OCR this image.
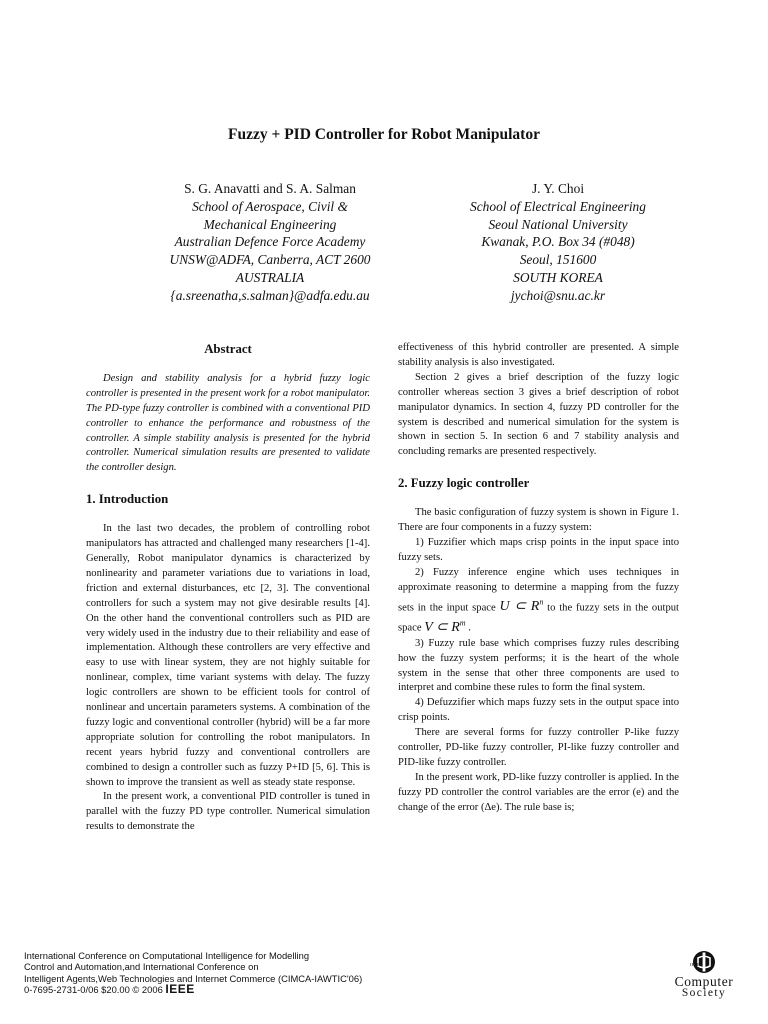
Fuzzy + PID Controller for Robot Manipulator
S. G. Anavatti and S. A. Salman
School of Aerospace, Civil &
Mechanical Engineering
Australian Defence Force Academy
UNSW@ADFA, Canberra, ACT 2600
AUSTRALIA
{a.sreenatha,s.salman}@adfa.edu.au
J. Y. Choi
School of Electrical Engineering
Seoul National University
Kwanak, P.O. Box 34 (#048)
Seoul, 151600
SOUTH KOREA
jychoi@snu.ac.kr
Abstract
Design and stability analysis for a hybrid fuzzy logic controller is presented in the present work for a robot manipulator. The PD-type fuzzy controller is combined with a conventional PID controller to enhance the performance and robustness of the controller. A simple stability analysis is presented for the hybrid controller. Numerical simulation results are presented to validate the controller design.
1. Introduction
In the last two decades, the problem of controlling robot manipulators has attracted and challenged many researchers [1-4]. Generally, Robot manipulator dynamics is characterized by nonlinearity and parameter variations due to variations in load, friction and external disturbances, etc [2, 3]. The conventional controllers for such a system may not give desirable results [4]. On the other hand the conventional controllers such as PID are very widely used in the industry due to their reliability and ease of implementation. Although these controllers are very effective and easy to use with linear system, they are not highly suitable for nonlinear, complex, time variant systems with delay. The fuzzy logic controllers are shown to be efficient tools for control of nonlinear and uncertain parameters systems. A combination of the fuzzy logic and conventional controller (hybrid) will be a far more appropriate solution for controlling the robot manipulators. In recent years hybrid fuzzy and conventional controllers are combined to design a controller such as fuzzy P+ID [5, 6]. This is shown to improve the transient as well as steady state response.
In the present work, a conventional PID controller is tuned in parallel with the fuzzy PD type controller. Numerical simulation results to demonstrate the
effectiveness of this hybrid controller are presented. A simple stability analysis is also investigated.
Section 2 gives a brief description of the fuzzy logic controller whereas section 3 gives a brief description of robot manipulator dynamics. In section 4, fuzzy PD controller for the system is described and numerical simulation for the system is shown in section 5. In section 6 and 7 stability analysis and concluding remarks are presented respectively.
2. Fuzzy logic controller
The basic configuration of fuzzy system is shown in Figure 1. There are four components in a fuzzy system:
1) Fuzzifier which maps crisp points in the input space into fuzzy sets.
2) Fuzzy inference engine which uses techniques in approximate reasoning to determine a mapping from the fuzzy sets in the input space U ⊂ $R^n$ to the fuzzy sets in the output space V ⊂ $R^m$ .
3) Fuzzy rule base which comprises fuzzy rules describing how the fuzzy system performs; it is the heart of the whole system in the sense that other three components are used to interpret and combine these rules to form the final system.
4) Defuzzifier which maps fuzzy sets in the output space into crisp points.
There are several forms for fuzzy controller P-like fuzzy controller, PD-like fuzzy controller, PI-like fuzzy controller and PID-like fuzzy controller.
In the present work, PD-like fuzzy controller is applied. In the fuzzy PD controller the control variables are the error (e) and the change of the error (Δe). The rule base is;
International Conference on Computational Intelligence for Modelling
Control and Automation,and International Conference on
Intelligent Agents,Web Technologies and Internet Commerce (CIMCA-IAWTIC'06)
0-7695-2731-0/06 $20.00 © 2006 IEEE
IEEE
Computer
Society
